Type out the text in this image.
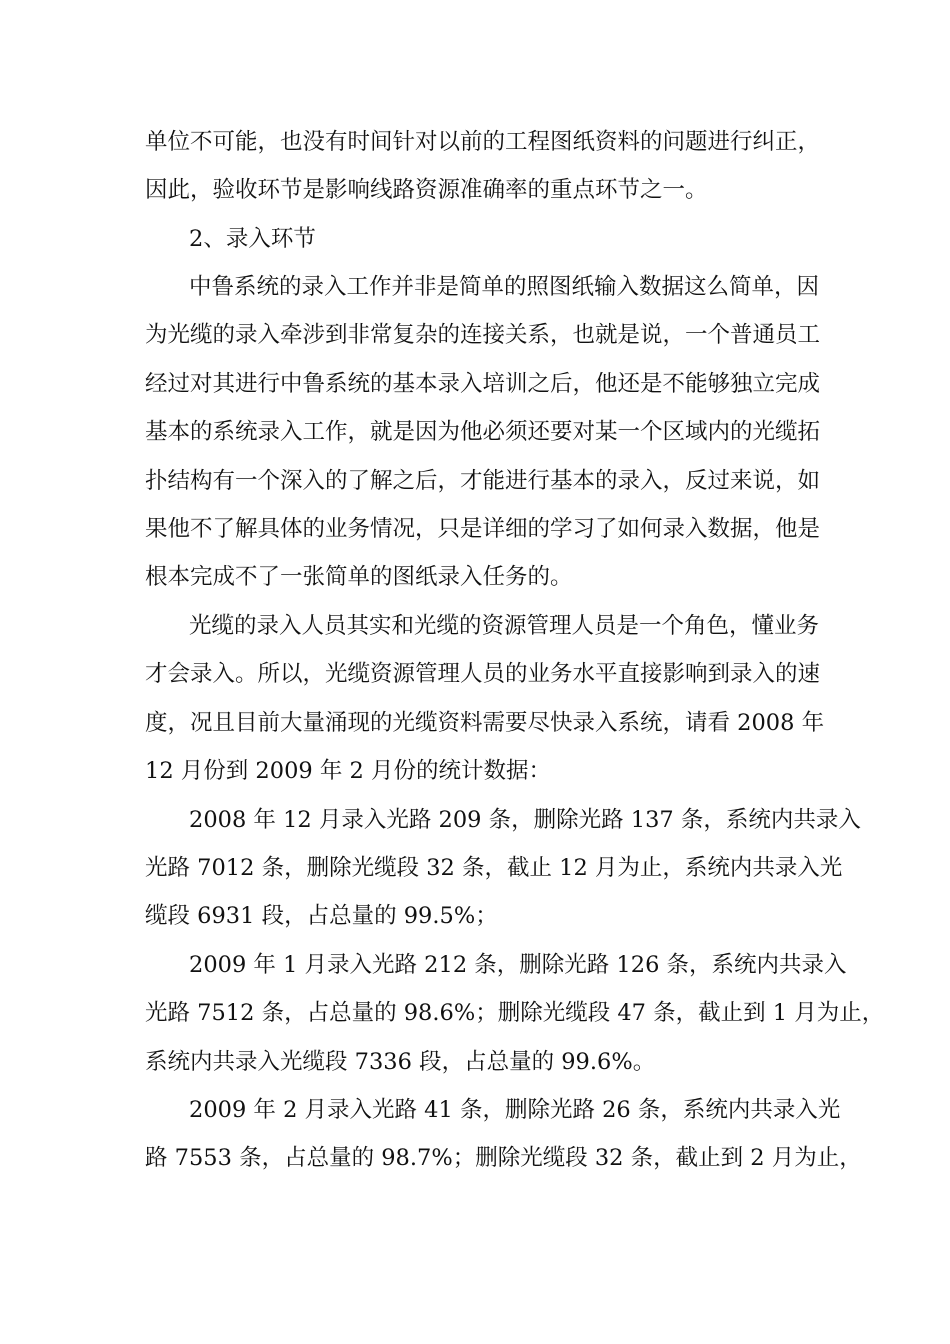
单位不可能，也没有时间针对以前的工程图纸资料的问题进行纠正，
因此，验收环节是影响线路资源准确率的重点环节之一。
2、录入环节
中鲁系统的录入工作并非是简单的照图纸输入数据这么简单，因
为光缆的录入牵涉到非常复杂的连接关系，也就是说，一个普通员工
经过对其进行中鲁系统的基本录入培训之后，他还是不能够独立完成
基本的系统录入工作，就是因为他必须还要对某一个区域内的光缆拓
扑结构有一个深入的了解之后，才能进行基本的录入，反过来说，如
果他不了解具体的业务情况，只是详细的学习了如何录入数据，他是
根本完成不了一张简单的图纸录入任务的。
光缆的录入人员其实和光缆的资源管理人员是一个角色，懂业务
才会录入。所以，光缆资源管理人员的业务水平直接影响到录入的速
度，况且目前大量涌现的光缆资料需要尽快录入系统，请看 2008 年
12 月份到 2009 年 2 月份的统计数据：
2008 年 12 月录入光路 209 条，删除光路 137 条，系统内共录入
光路 7012 条，删除光缆段 32 条，截止 12 月为止，系统内共录入光
缆段 6931 段，占总量的 99.5%；
2009 年 1 月录入光路 212 条，删除光路 126 条，系统内共录入
光路 7512 条，占总量的 98.6%；删除光缆段 47 条，截止到 1 月为止，
系统内共录入光缆段 7336 段，占总量的 99.6%。
2009 年 2 月录入光路 41 条，删除光路 26 条，系统内共录入光
路 7553 条，占总量的 98.7%；删除光缆段 32 条，截止到 2 月为止，
